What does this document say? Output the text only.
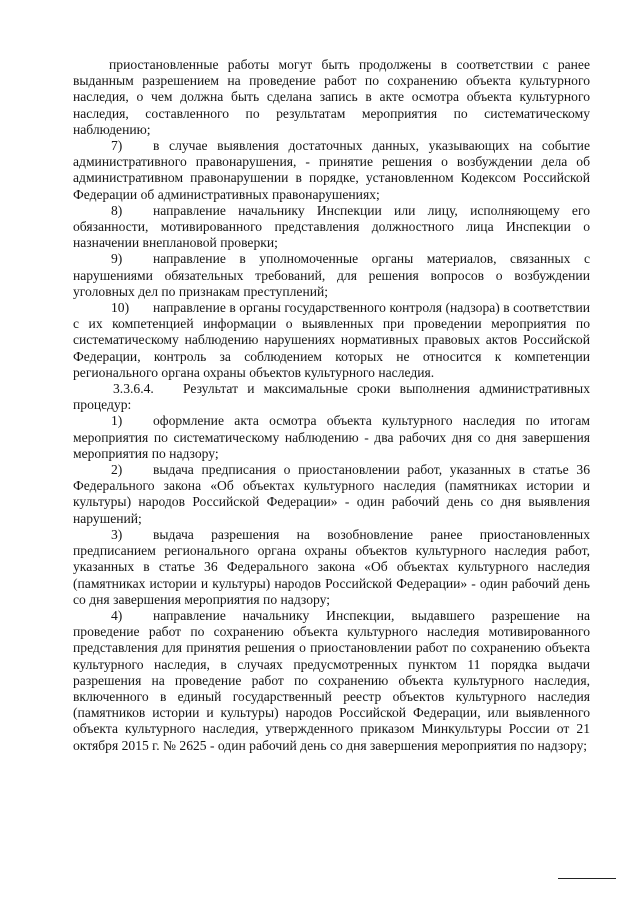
приостановленные работы могут быть продолжены в соответствии с ранее выданным разрешением на проведение работ по сохранению объекта культурного наследия, о чем должна быть сделана запись в акте осмотра объекта культурного наследия, составленного по результатам мероприятия по систематическому наблюдению;

7) в случае выявления достаточных данных, указывающих на событие административного правонарушения, - принятие решения о возбуждении дела об административном правонарушении в порядке, установленном Кодексом Российской Федерации об административных правонарушениях;

8) направление начальнику Инспекции или лицу, исполняющему его обязанности, мотивированного представления должностного лица Инспекции о назначении внеплановой проверки;

9) направление в уполномоченные органы материалов, связанных с нарушениями обязательных требований, для решения вопросов о возбуждении уголовных дел по признакам преступлений;

10) направление в органы государственного контроля (надзора) в соответствии с их компетенцией информации о выявленных при проведении мероприятия по систематическому наблюдению нарушениях нормативных правовых актов Российской Федерации, контроль за соблюдением которых не относится к компетенции регионального органа охраны объектов культурного наследия.

3.3.6.4. Результат и максимальные сроки выполнения административных процедур:

1) оформление акта осмотра объекта культурного наследия по итогам мероприятия по систематическому наблюдению - два рабочих дня со дня завершения мероприятия по надзору;

2) выдача предписания о приостановлении работ, указанных в статье 36 Федерального закона «Об объектах культурного наследия (памятниках истории и культуры) народов Российской Федерации» - один рабочий день со дня выявления нарушений;

3) выдача разрешения на возобновление ранее приостановленных предписанием регионального органа охраны объектов культурного наследия работ, указанных в статье 36 Федерального закона «Об объектах культурного наследия (памятниках истории и культуры) народов Российской Федерации» - один рабочий день со дня завершения мероприятия по надзору;

4) направление начальнику Инспекции, выдавшего разрешение на проведение работ по сохранению объекта культурного наследия мотивированного представления для принятия решения о приостановлении работ по сохранению объекта культурного наследия, в случаях предусмотренных пунктом 11 порядка выдачи разрешения на проведение работ по сохранению объекта культурного наследия, включенного в единый государственный реестр объектов культурного наследия (памятников истории и культуры) народов Российской Федерации, или выявленного объекта культурного наследия, утвержденного приказом Минкультуры России от 21 октября 2015 г. № 2625 - один рабочий день со дня завершения мероприятия по надзору;
